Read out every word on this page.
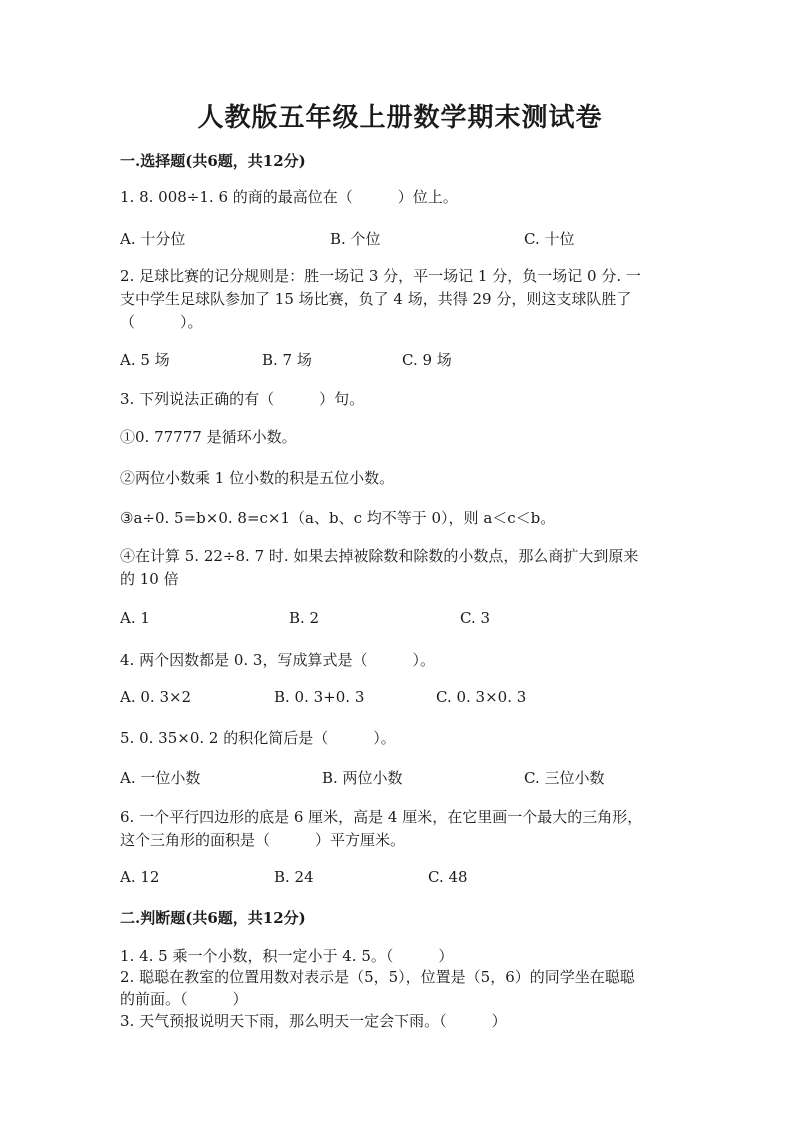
人教版五年级上册数学期末测试卷
一.选择题(共6题，共12分)
1. 8. 008÷1. 6 的商的最高位在（　　　）位上。
A. 十分位	B. 个位	C. 十位
2. 足球比赛的记分规则是：胜一场记 3 分，平一场记 1 分，负一场记 0 分. 一
支中学生足球队参加了 15 场比赛，负了 4 场，共得 29 分，则这支球队胜了
（　　　）。
A. 5 场	B. 7 场	C. 9 场
3. 下列说法正确的有（　　　）句。
①0. 77777 是循环小数。
②两位小数乘 1 位小数的积是五位小数。
③a÷0. 5=b×0. 8=c×1（a、b、c 均不等于 0），则 a＜c＜b。
④在计算 5. 22÷8. 7 时. 如果去掉被除数和除数的小数点，那么商扩大到原来
的 10 倍
A. 1	B. 2	C. 3
4. 两个因数都是 0. 3，写成算式是（　　　）。
A. 0. 3×2	B. 0. 3+0. 3	C. 0. 3×0. 3
5. 0. 35×0. 2 的积化简后是（　　　）。
A. 一位小数	B. 两位小数	C. 三位小数
6. 一个平行四边形的底是 6 厘米，高是 4 厘米，在它里画一个最大的三角形，
这个三角形的面积是（　　　）平方厘米。
A. 12	B. 24	C. 48
二.判断题(共6题，共12分)
1. 4. 5 乘一个小数，积一定小于 4. 5。（　　　）
2. 聪聪在教室的位置用数对表示是（5，5），位置是（5，6）的同学坐在聪聪
的前面。（　　　）
3. 天气预报说明天下雨，那么明天一定会下雨。（　　　）
